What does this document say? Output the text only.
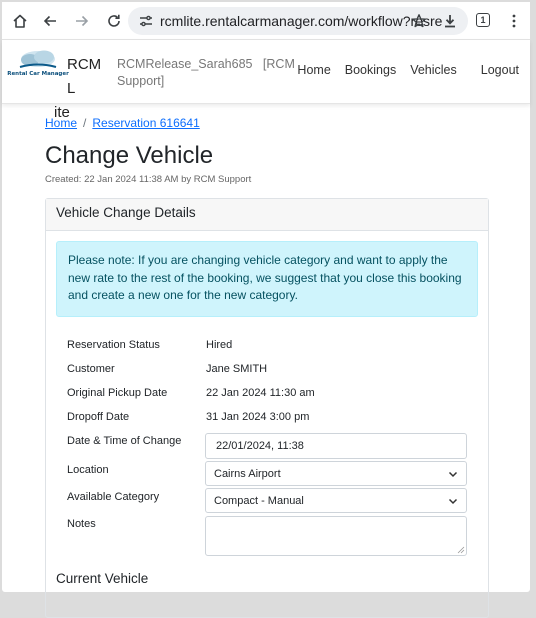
rcmlite.rentalcarmanager.com/workflow?resre	1
Rental Car Manager
RCM L
ite
RCMRelease_Sarah685 [RCM
Support]
Home Bookings Vehicles Logout
Home / Reservation 616641
Change Vehicle
Created: 22 Jan 2024 11:38 AM by RCM Support
Vehicle Change Details
Please note: If you are changing vehicle category and want to apply the new rate to the rest of the booking, we suggest that you close this booking and create a new one for the new category.
Reservation Status	Hired
Customer	Jane SMITH
Original Pickup Date	22 Jan 2024 11:30 am
Dropoff Date	31 Jan 2024 3:00 pm
Date & Time of Change	22/01/2024, 11:38
Location	Cairns Airport
Available Category	Compact - Manual
Notes
Current Vehicle
